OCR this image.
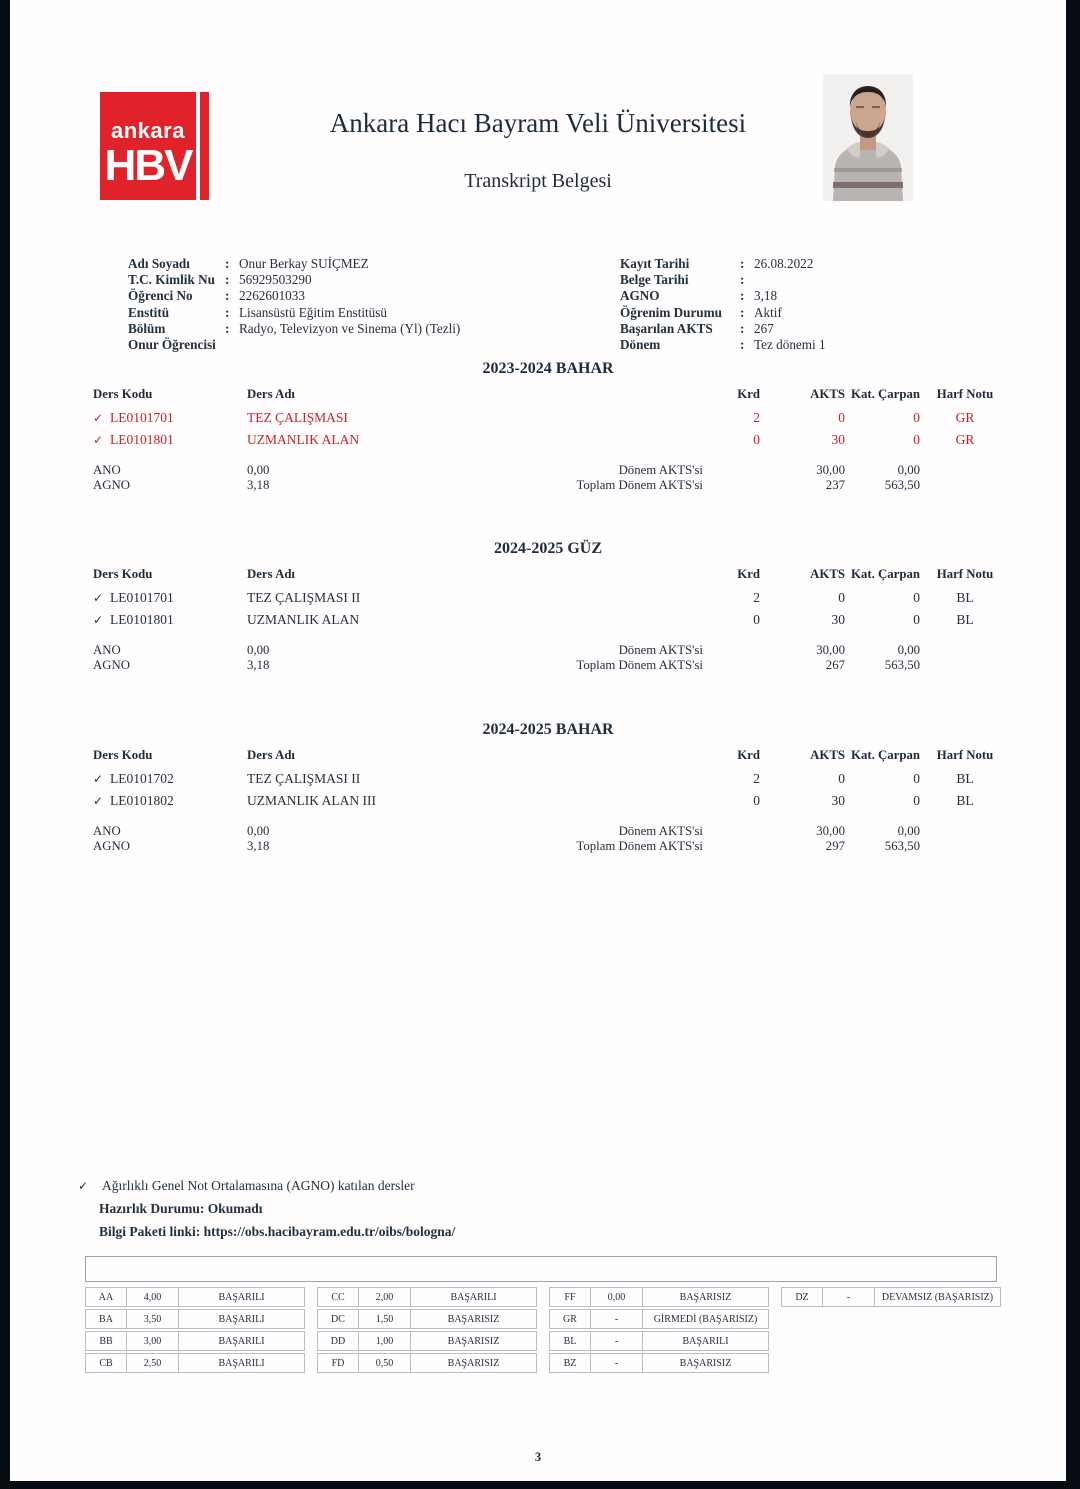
ankara
HBV
Ankara Hacı Bayram Veli Üniversitesi
Transkript Belgesi
Adı Soyadı	: Onur Berkay SUİÇMEZ
T.C. Kimlik Nu : 56929503290
Öğrenci No	: 2262601033
Enstitü	: Lisansüstü Eğitim Enstitüsü
Bölüm	: Radyo, Televizyon ve Sinema (Yl) (Tezli)
Onur Öğrencisi
Kayıt Tarihi	: 26.08.2022
Belge Tarihi	:
AGNO	: 3,18
Öğrenim Durumu	: Aktif
Başarılan AKTS	: 267
Dönem	: Tez dönemi 1
2023-2024 BAHAR
Ders Kodu	Ders Adı	Krd	AKTS Kat. Çarpan	Harf Notu
✓ LE0101701	TEZ ÇALIŞMASI	2	0	0	GR
✓ LE0101801	UZMANLIK ALAN	0	30	0	GR
ANO	0,00	Dönem AKTS'si	30,00	0,00
AGNO	3,18	Toplam Dönem AKTS'si	237	563,50
2024-2025 GÜZ
Ders Kodu	Ders Adı	Krd	AKTS Kat. Çarpan	Harf Notu
✓ LE0101701	TEZ ÇALIŞMASI II	2	0	0	BL
✓ LE0101801	UZMANLIK ALAN	0	30	0	BL
ANO	0,00	Dönem AKTS'si	30,00	0,00
AGNO	3,18	Toplam Dönem AKTS'si	267	563,50
2024-2025 BAHAR
Ders Kodu	Ders Adı	Krd	AKTS Kat. Çarpan	Harf Notu
✓ LE0101702	TEZ ÇALIŞMASI II	2	0	0	BL
✓ LE0101802	UZMANLIK ALAN III	0	30	0	BL
ANO	0,00	Dönem AKTS'si	30,00	0,00
AGNO	3,18	Toplam Dönem AKTS'si	297	563,50
✓	Ağırlıklı Genel Not Ortalamasına (AGNO) katılan dersler
Hazırlık Durumu: Okumadı
Bilgi Paketi linki: https://obs.hacibayram.edu.tr/oibs/bologna/
AA	4,00	BAŞARILI
BA	3,50	BAŞARILI
BB	3,00	BAŞARILI
CB	2,50	BAŞARILI
CC	2,00	BAŞARILI
DC	1,50	BAŞARISIZ
DD	1,00	BAŞARISIZ
FD	0,50	BAŞARISIZ
FF	0,00	BAŞARISIZ
GR	-	GİRMEDİ (BAŞARISIZ)
BL	-	BAŞARILI
BZ	-	BAŞARISIZ
DZ	-	DEVAMSIZ (BAŞARISIZ)
3
